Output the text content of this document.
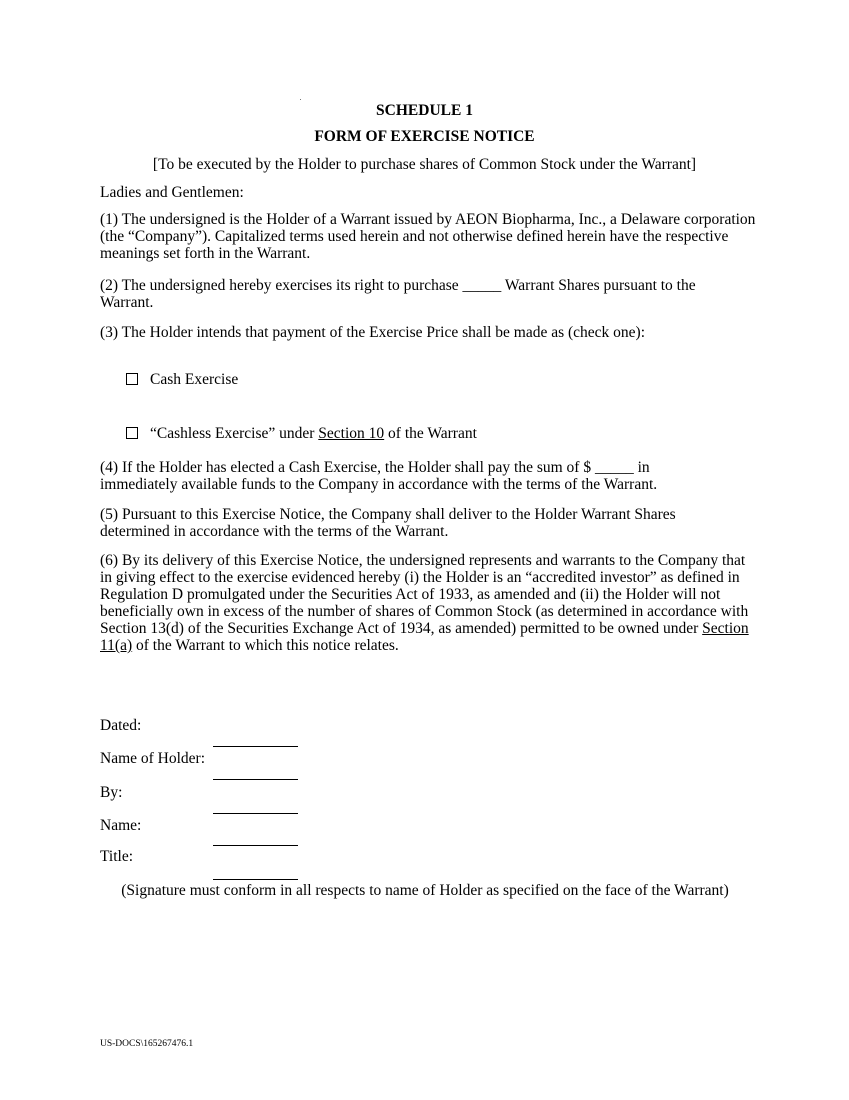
SCHEDULE 1
FORM OF EXERCISE NOTICE
[To be executed by the Holder to purchase shares of Common Stock under the Warrant]
Ladies and Gentlemen:
(1) The undersigned is the Holder of a Warrant issued by AEON Biopharma, Inc., a Delaware corporation (the “Company”). Capitalized terms used herein and not otherwise defined herein have the respective meanings set forth in the Warrant.
(2) The undersigned hereby exercises its right to purchase _____ Warrant Shares pursuant to the Warrant.
(3) The Holder intends that payment of the Exercise Price shall be made as (check one):
Cash Exercise
“Cashless Exercise” under Section 10 of the Warrant
(4) If the Holder has elected a Cash Exercise, the Holder shall pay the sum of $ _____ in immediately available funds to the Company in accordance with the terms of the Warrant.
(5) Pursuant to this Exercise Notice, the Company shall deliver to the Holder Warrant Shares determined in accordance with the terms of the Warrant.
(6) By its delivery of this Exercise Notice, the undersigned represents and warrants to the Company that in giving effect to the exercise evidenced hereby (i) the Holder is an “accredited investor” as defined in Regulation D promulgated under the Securities Act of 1933, as amended and (ii) the Holder will not beneficially own in excess of the number of shares of Common Stock (as determined in accordance with Section 13(d) of the Securities Exchange Act of 1934, as amended) permitted to be owned under Section 11(a) of the Warrant to which this notice relates.
Dated:
Name of Holder:
By:
Name:
Title:
(Signature must conform in all respects to name of Holder as specified on the face of the Warrant)
US-DOCS\165267476.1
